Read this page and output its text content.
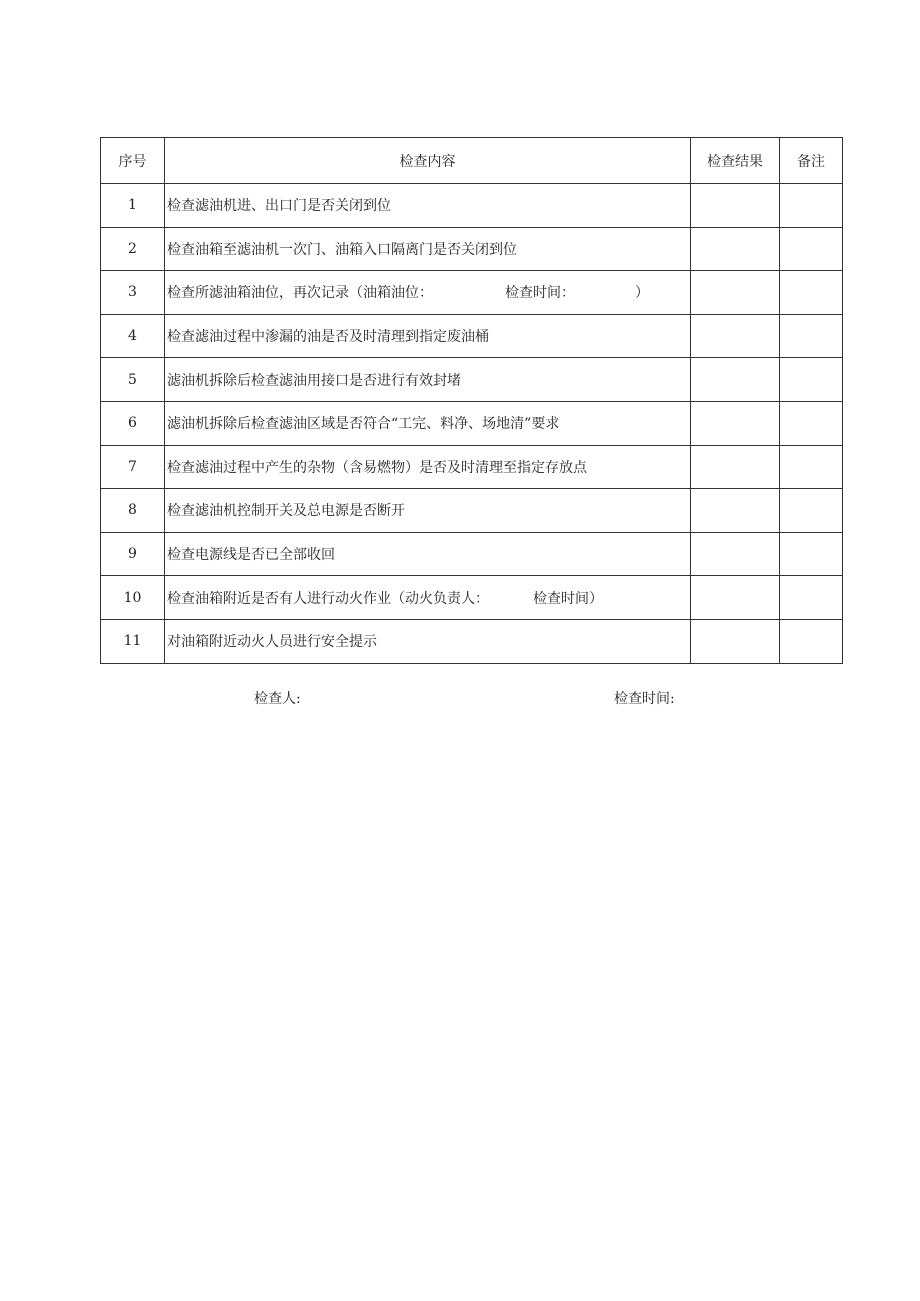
序号	检查内容	检查结果	备注
1	检查滤油机进、出口门是否关闭到位		
2	检查油箱至滤油机一次门、油箱入口隔离门是否关闭到位		
3	检查所滤油箱油位，再次记录（油箱油位： 检查时间： ）		
4	检查滤油过程中渗漏的油是否及时清理到指定废油桶		
5	滤油机拆除后检查滤油用接口是否进行有效封堵		
6	滤油机拆除后检查滤油区域是否符合“工完、料净、场地清”要求		
7	检查滤油过程中产生的杂物（含易燃物）是否及时清理至指定存放点		
8	检查滤油机控制开关及总电源是否断开		
9	检查电源线是否已全部收回		
10	检查油箱附近是否有人进行动火作业（动火负责人： 检查时间）		
11	对油箱附近动火人员进行安全提示		
检查人:	检查时间:
